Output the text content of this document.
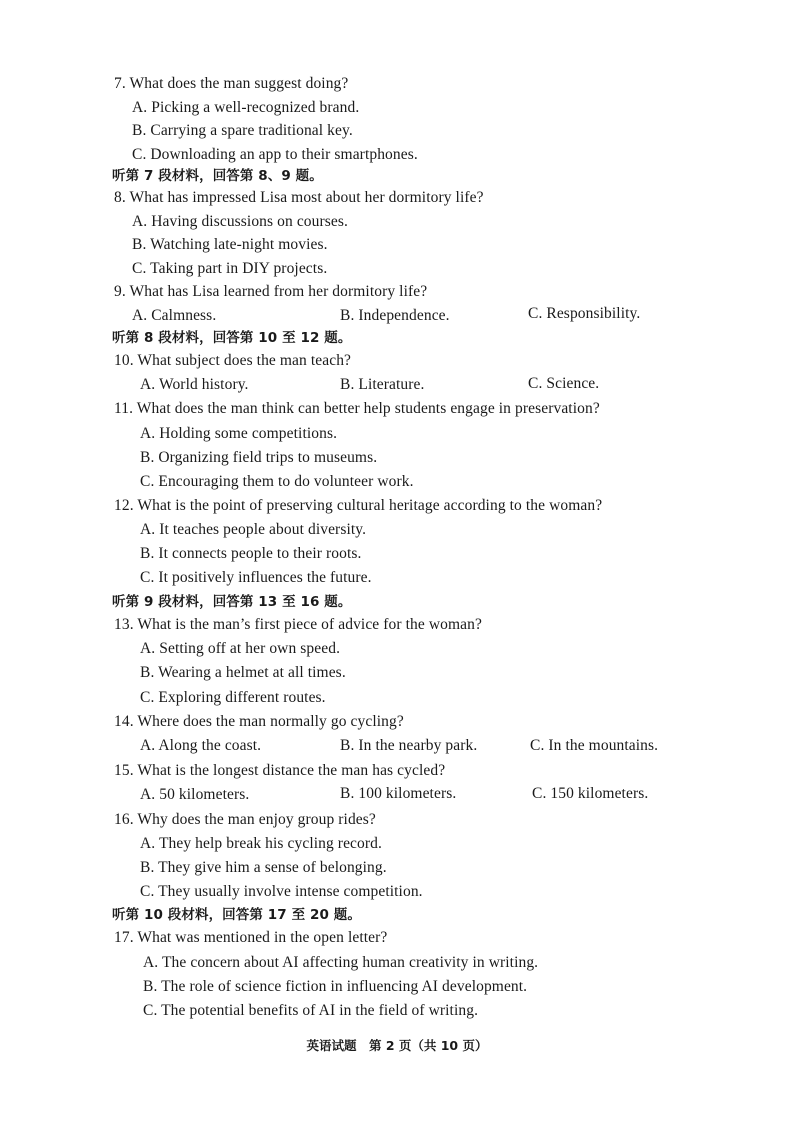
7. What does the man suggest doing?
A. Picking a well-recognized brand.
B. Carrying a spare traditional key.
C. Downloading an app to their smartphones.
听第 7 段材料，回答第 8、9 题。
8. What has impressed Lisa most about her dormitory life?
A. Having discussions on courses.
B. Watching late-night movies.
C. Taking part in DIY projects.
9. What has Lisa learned from her dormitory life?
A. Calmness.	B. Independence.	C. Responsibility.
听第 8 段材料，回答第 10 至 12 题。
10. What subject does the man teach?
A. World history.	B. Literature.	C. Science.
11. What does the man think can better help students engage in preservation?
A. Holding some competitions.
B. Organizing field trips to museums.
C. Encouraging them to do volunteer work.
12. What is the point of preserving cultural heritage according to the woman?
A. It teaches people about diversity.
B. It connects people to their roots.
C. It positively influences the future.
听第 9 段材料，回答第 13 至 16 题。
13. What is the man’s first piece of advice for the woman?
A. Setting off at her own speed.
B. Wearing a helmet at all times.
C. Exploring different routes.
14. Where does the man normally go cycling?
A. Along the coast.	B. In the nearby park.	C. In the mountains.
15. What is the longest distance the man has cycled?
A. 50 kilometers.	B. 100 kilometers.	C. 150 kilometers.
16. Why does the man enjoy group rides?
A. They help break his cycling record.
B. They give him a sense of belonging.
C. They usually involve intense competition.
听第 10 段材料，回答第 17 至 20 题。
17. What was mentioned in the open letter?
A. The concern about AI affecting human creativity in writing.
B. The role of science fiction in influencing AI development.
C. The potential benefits of AI in the field of writing.
英语试题　第 2 页（共 10 页）
